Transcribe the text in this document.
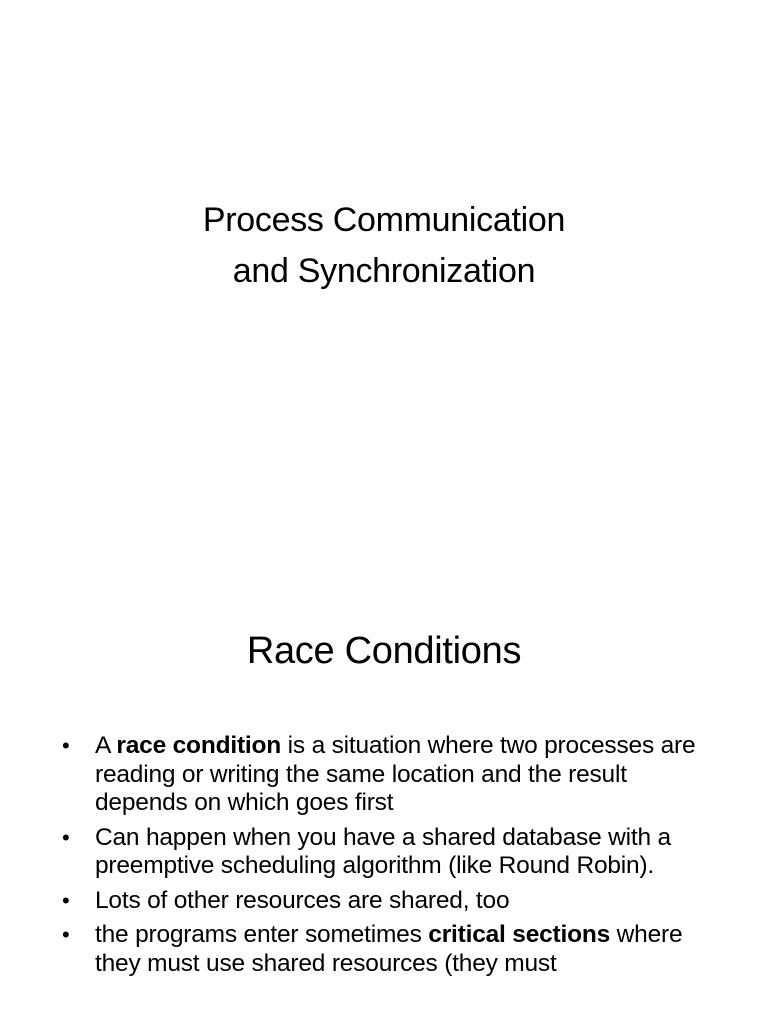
Process Communication
and Synchronization
Race Conditions
• A race condition is a situation where two processes are reading or writing the same location and the result depends on which goes first
• Can happen when you have a shared database with a preemptive scheduling algorithm (like Round Robin).
• Lots of other resources are shared, too
• the programs enter sometimes critical sections where they must use shared resources (they must
